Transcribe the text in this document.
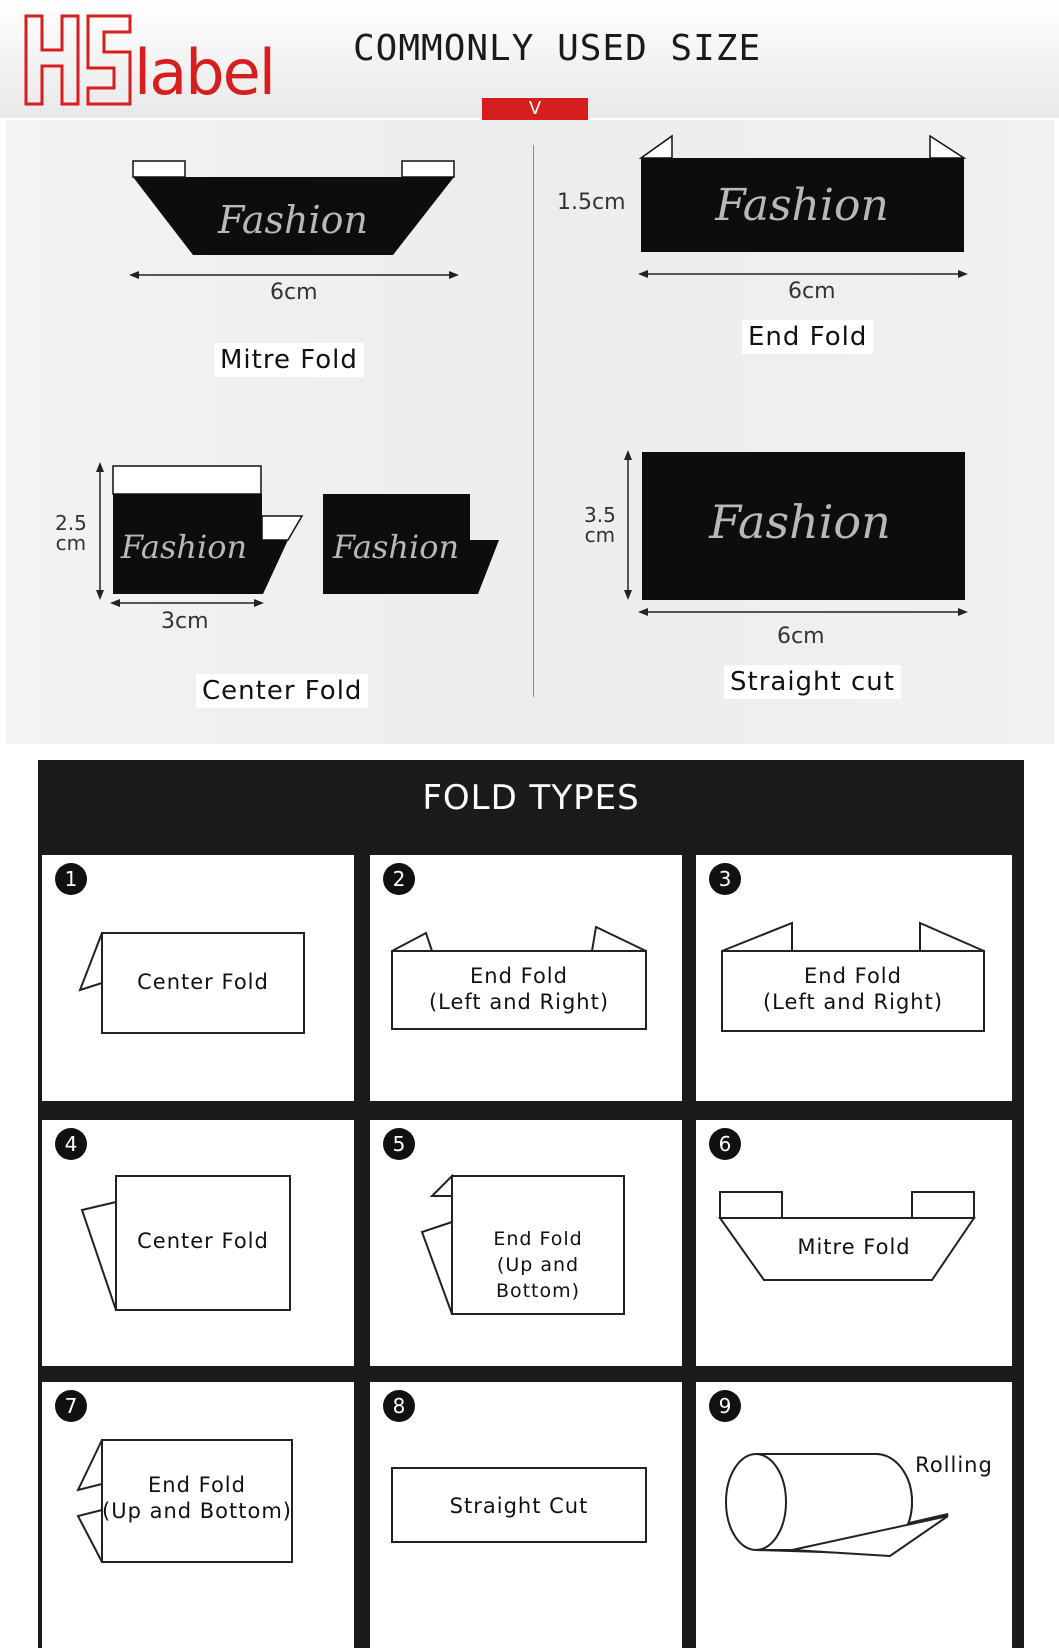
label COMMONLY USED SIZE
V
Fashion
6cm
Mitre Fold
Fashion
1.5cm
6cm
End Fold
Fashion	Fashion
2.5
cm
3cm
Center Fold
Fashion
3.5
cm
6cm
Straight cut
FOLD TYPES
1
Center Fold
2
End Fold
(Left and Right)
3
End Fold
(Left and Right)
4
Center Fold
5
End Fold
(Up and Bottom)
6
Mitre Fold
7
End Fold
(Up and Bottom)
8
Straight Cut
9
Rolling
